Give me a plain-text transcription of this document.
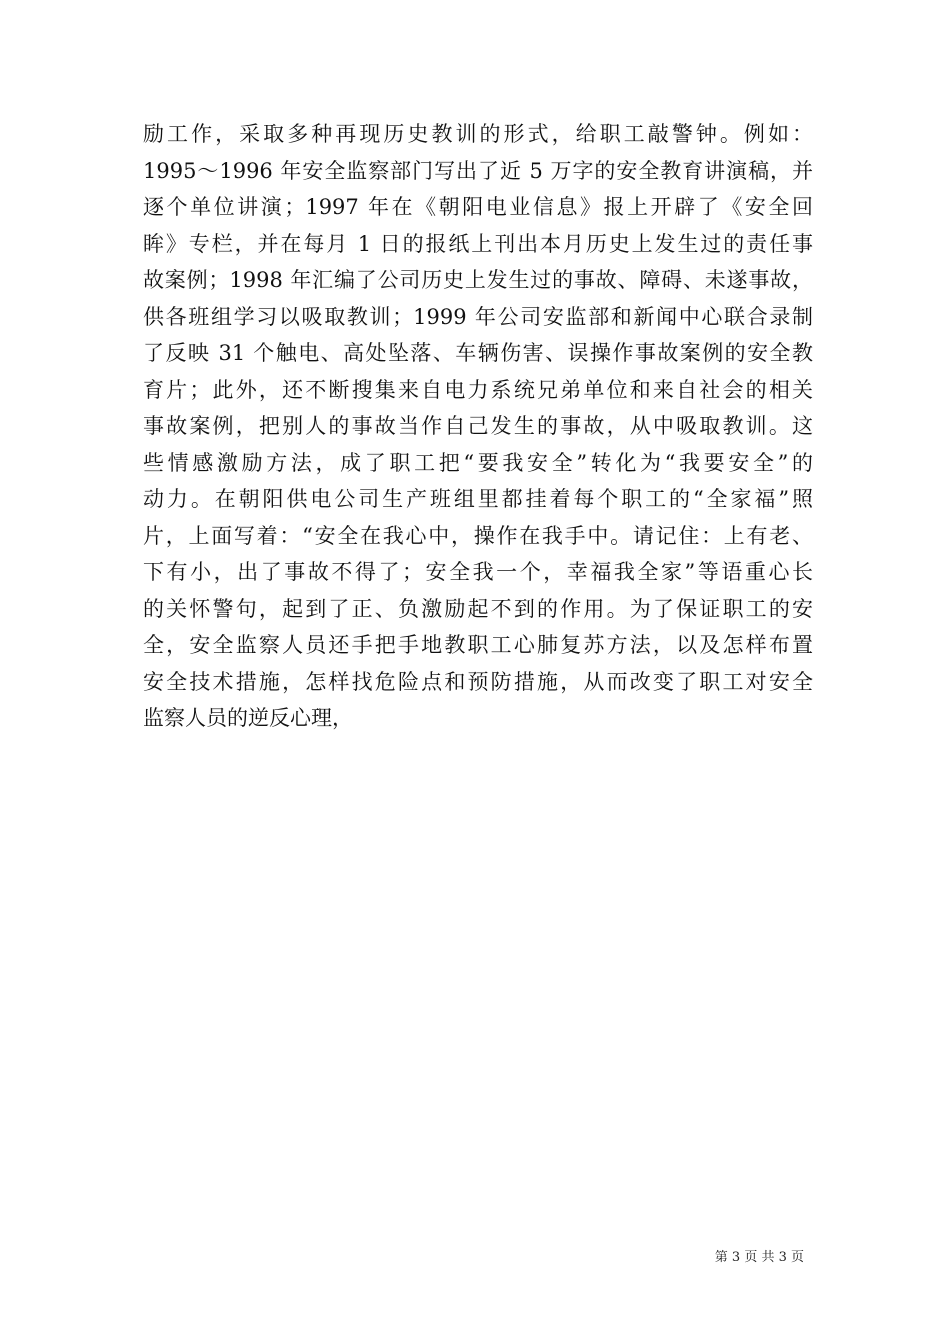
励工作，采取多种再现历史教训的形式，给职工敲警钟。例如：
1995～1996 年安全监察部门写出了近 5 万字的安全教育讲演稿，并
逐个单位讲演；1997 年在《朝阳电业信息》报上开辟了《安全回
眸》专栏，并在每月 1 日的报纸上刊出本月历史上发生过的责任事
故案例；1998 年汇编了公司历史上发生过的事故、障碍、未遂事故，
供各班组学习以吸取教训；1999 年公司安监部和新闻中心联合录制
了反映 31 个触电、高处坠落、车辆伤害、误操作事故案例的安全教
育片；此外，还不断搜集来自电力系统兄弟单位和来自社会的相关
事故案例，把别人的事故当作自己发生的事故，从中吸取教训。这
些情感激励方法，成了职工把“要我安全”转化为“我要安全”的
动力。在朝阳供电公司生产班组里都挂着每个职工的“全家福”照
片，上面写着：“安全在我心中，操作在我手中。请记住：上有老、
下有小，出了事故不得了；安全我一个，幸福我全家”等语重心长
的关怀警句，起到了正、负激励起不到的作用。为了保证职工的安
全，安全监察人员还手把手地教职工心肺复苏方法，以及怎样布置
安全技术措施，怎样找危险点和预防措施，从而改变了职工对安全
监察人员的逆反心理，
第 3 页 共 3 页
